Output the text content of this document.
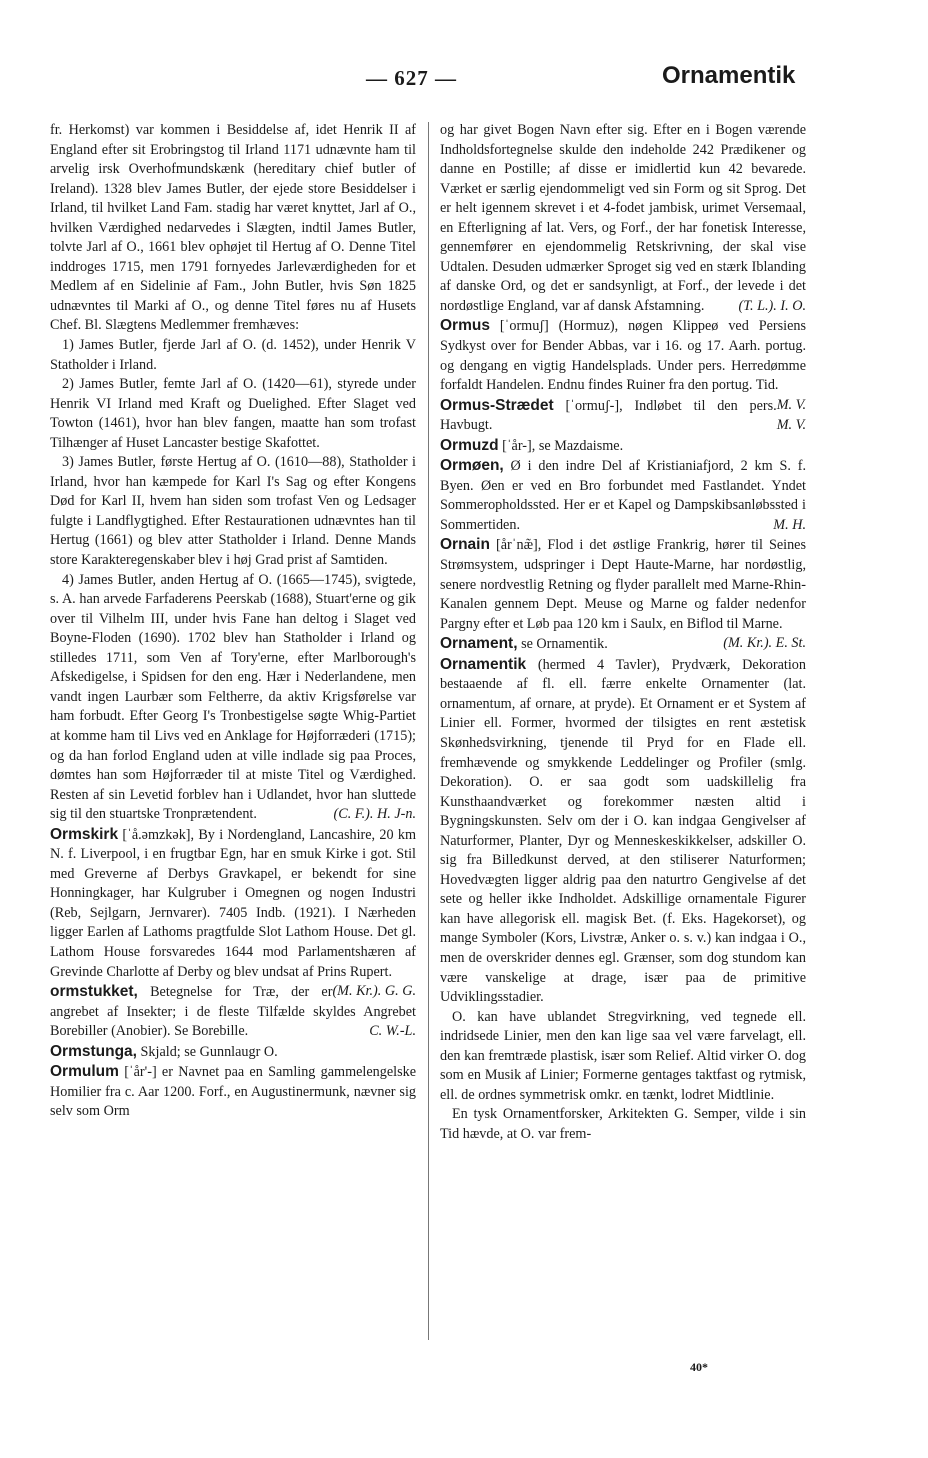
— 627 —	Ornamentik

fr. Herkomst) var kommen i Besiddelse af, idet Henrik II af England efter sit Erobringstog til Irland 1171 udnævnte ham til arvelig irsk Overhofmundskænk (hereditary chief butler of Ireland). 1328 blev James Butler, der ejede store Besiddelser i Irland, til hvilket Land Fam. stadig har været knyttet, Jarl af O., hvilken Værdighed nedarvedes i Slægten, indtil James Butler, tolvte Jarl af O., 1661 blev ophøjet til Hertug af O. Denne Titel inddroges 1715, men 1791 fornyedes Jarleværdigheden for et Medlem af en Sidelinie af Fam., John Butler, hvis Søn 1825 udnævntes til Marki af O., og denne Titel føres nu af Husets Chef. Bl. Slægtens Medlemmer fremhæves:

1) James Butler, fjerde Jarl af O. (d. 1452), under Henrik V Statholder i Irland.

2) James Butler, femte Jarl af O. (1420—61), styrede under Henrik VI Irland med Kraft og Duelighed. Efter Slaget ved Towton (1461), hvor han blev fangen, maatte han som trofast Tilhænger af Huset Lancaster bestige Skafottet.

3) James Butler, første Hertug af O. (1610—88), Statholder i Irland, hvor han kæmpede for Karl I's Sag og efter Kongens Død for Karl II, hvem han siden som trofast Ven og Ledsager fulgte i Landflygtighed. Efter Restaurationen udnævntes han til Hertug (1661) og blev atter Statholder i Irland. Denne Mands store Karakteregenskaber blev i høj Grad prist af Samtiden.

4) James Butler, anden Hertug af O. (1665—1745), svigtede, s. A. han arvede Farfaderens Peerskab (1688), Stuart'erne og gik over til Vilhelm III, under hvis Fane han deltog i Slaget ved Boyne-Floden (1690). 1702 blev han Statholder i Irland og stilledes 1711, som Ven af Tory'erne, efter Marlborough's Afskedigelse, i Spidsen for den eng. Hær i Nederlandene, men vandt ingen Laurbær som Feltherre, da aktiv Krigsførelse var ham forbudt. Efter Georg I's Tronbestigelse søgte Whig-Partiet at komme ham til Livs ved en Anklage for Højforræderi (1715); og da han forlod England uden at ville indlade sig paa Proces, dømtes han som Højforræder til at miste Titel og Værdighed. Resten af sin Levetid forblev han i Udlandet, hvor han sluttede sig til den stuartske Tronprætendent.	(C. F.). H. J-n.

Ormskirk [ˈå.əmzkək], By i Nordengland, Lancashire, 20 km N. f. Liverpool, i en frugtbar Egn, har en smuk Kirke i got. Stil med Greverne af Derbys Gravkapel, er bekendt for sine Honningkager, har Kulgruber i Omegnen og nogen Industri (Reb, Sejlgarn, Jernvarer). 7405 Indb. (1921). I Nærheden ligger Earlen af Lathoms pragtfulde Slot Lathom House. Det gl. Lathom House forsvaredes 1644 mod Parlamentshæren af Grevinde Charlotte af Derby og blev undsat af Prins Rupert.
(M. Kr.). G. G.

ormstukket, Betegnelse for Træ, der er angrebet af Insekter; i de fleste Tilfælde skyldes Angrebet Borebiller (Anobier). Se Borebille.	C. W.-L.

Ormstunga, Skjald; se Gunnlaugr O.

Ormulum [ˈår'-] er Navnet paa en Samling gammelengelske Homilier fra c. Aar 1200. Forf., en Augustinermunk, nævner sig selv som Orm

og har givet Bogen Navn efter sig. Efter en i Bogen værende Indholdsfortegnelse skulde den indeholde 242 Prædikener og danne en Postille; af disse er imidlertid kun 42 bevarede. Værket er særlig ejendommeligt ved sin Form og sit Sprog. Det er helt igennem skrevet i et 4-fodet jambisk, urimet Versemaal, en Efterligning af lat. Vers, og Forf., der har fonetisk Interesse, gennemfører en ejendommelig Retskrivning, der skal vise Udtalen. Desuden udmærker Sproget sig ved en stærk Iblanding af danske Ord, og det er sandsynligt, at Forf., der levede i det nordøstlige England, var af dansk Afstamning. (T. L.). I. O.

Ormus [ˈormuʃ] (Hormuz), nøgen Klippeø ved Persiens Sydkyst over for Bender Abbas, var i 16. og 17. Aarh. portug. og dengang en vigtig Handelsplads. Under pers. Herredømme forfaldt Handelen. Endnu findes Ruiner fra den portug. Tid.
M. V.

Ormus-Strædet [ˈormuʃ-], Indløbet til den pers. Havbugt.	M. V.

Ormuzd [ˈår-], se Mazdaisme.

Ormøen, Ø i den indre Del af Kristianiafjord, 2 km S. f. Byen. Øen er ved en Bro forbundet med Fastlandet. Yndet Sommeropholdssted. Her er et Kapel og Dampskibsanløbssted i Sommertiden.	M. H.

Ornain [årˈnæ̃], Flod i det østlige Frankrig, hører til Seines Strømsystem, udspringer i Dept Haute-Marne, har nordøstlig, senere nordvestlig Retning og flyder parallelt med Marne-Rhin-Kanalen gennem Dept. Meuse og Marne og falder nedenfor Pargny efter et Løb paa 120 km i Saulx, en Biflod til Marne.
(M. Kr.). E. St.

Ornament, se Ornamentik.

Ornamentik (hermed 4 Tavler), Prydværk, Dekoration bestaaende af fl. ell. færre enkelte Ornamenter (lat. ornamentum, af ornare, at pryde). Et Ornament er et System af Linier ell. Former, hvormed der tilsigtes en rent æstetisk Skønhedsvirkning, tjenende til Pryd for en Flade ell. fremhævende og smykkende Leddelinger og Profiler (smlg. Dekoration). O. er saa godt som uadskillelig fra Kunsthaandværket og forekommer næsten altid i Bygningskunsten. Selv om der i O. kan indgaa Gengivelser af Naturformer, Planter, Dyr og Menneskeskikkelser, adskiller O. sig fra Billedkunst derved, at den stiliserer Naturformen; Hovedvægten ligger aldrig paa den naturtro Gengivelse af det sete og heller ikke Indholdet. Adskillige ornamentale Figurer kan have allegorisk ell. magisk Bet. (f. Eks. Hagekorset), og mange Symboler (Kors, Livstræ, Anker o. s. v.) kan indgaa i O., men de overskrider dennes egl. Grænser, som dog stundom kan være vanskelige at drage, især paa de primitive Udviklingsstadier.

O. kan have ublandet Stregvirkning, ved tegnede ell. indridsede Linier, men den kan lige saa vel være farvelagt, ell. den kan fremtræde plastisk, især som Relief. Altid virker O. dog som en Musik af Linier; Formerne gentages taktfast og rytmisk, ell. de ordnes symmetrisk omkr. en tænkt, lodret Midtlinie.

En tysk Ornamentforsker, Arkitekten G. Semper, vilde i sin Tid hævde, at O. var frem-

40*
